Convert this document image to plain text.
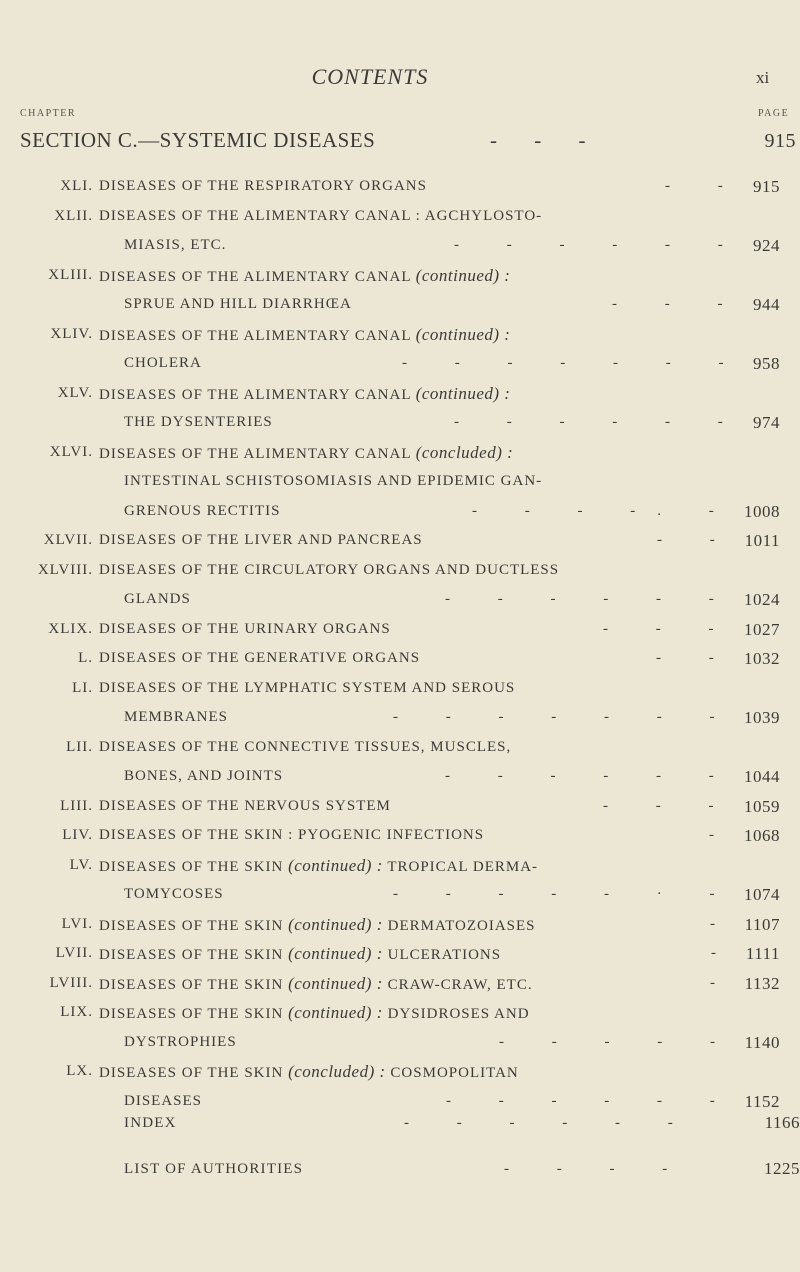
CONTENTS	xi
CHAPTER	PAGE
SECTION C.—SYSTEMIC DISEASES	- - -	915
XLI. DISEASES OF THE RESPIRATORY ORGANS	- - 915
XLII. DISEASES OF THE ALIMENTARY CANAL : AGCHYLOSTO-
MIASIS, ETC.	- - - - - - 924
XLIII. DISEASES OF THE ALIMENTARY CANAL (continued) :
SPRUE AND HILL DIARRHŒA	- - - 944
XLIV. DISEASES OF THE ALIMENTARY CANAL (continued) :
CHOLERA	- - - - - - - 958
XLV. DISEASES OF THE ALIMENTARY CANAL (continued) :
THE DYSENTERIES	- - - - - - 974
XLVI. DISEASES OF THE ALIMENTARY CANAL (concluded) :
INTESTINAL SCHISTOSOMIASIS AND EPIDEMIC GAN-
GRENOUS RECTITIS	- - - -. - 1008
XLVII. DISEASES OF THE LIVER AND PANCREAS	- - 1011
XLVIII. DISEASES OF THE CIRCULATORY ORGANS AND DUCTLESS
GLANDS	- - - - - - 1024
XLIX. DISEASES OF THE URINARY ORGANS	- - - 1027
L. DISEASES OF THE GENERATIVE ORGANS	- - 1032
LI. DISEASES OF THE LYMPHATIC SYSTEM AND SEROUS
MEMBRANES	- - - - - - - 1039
LII. DISEASES OF THE CONNECTIVE TISSUES, MUSCLES,
BONES, AND JOINTS	- - - - - - 1044
LIII. DISEASES OF THE NERVOUS SYSTEM	- - - 1059
LIV. DISEASES OF THE SKIN : PYOGENIC INFECTIONS	- 1068
LV. DISEASES OF THE SKIN (continued) : TROPICAL DERMA-
TOMYCOSES	- - - - - · - 1074
LVI. DISEASES OF THE SKIN (continued) : DERMATOZOIASES	- 1107
LVII. DISEASES OF THE SKIN (continued) : ULCERATIONS	- 1111
LVIII. DISEASES OF THE SKIN (continued) : CRAW-CRAW, ETC.	- 1132
LIX. DISEASES OF THE SKIN (continued) : DYSIDROSES AND
DYSTROPHIES	- - - - - 1140
LX. DISEASES OF THE SKIN (concluded) : COSMOPOLITAN
DISEASES	- - - - - - 1152
INDEX	- - - - - -	1166
LIST OF AUTHORITIES	- - - -	1225
